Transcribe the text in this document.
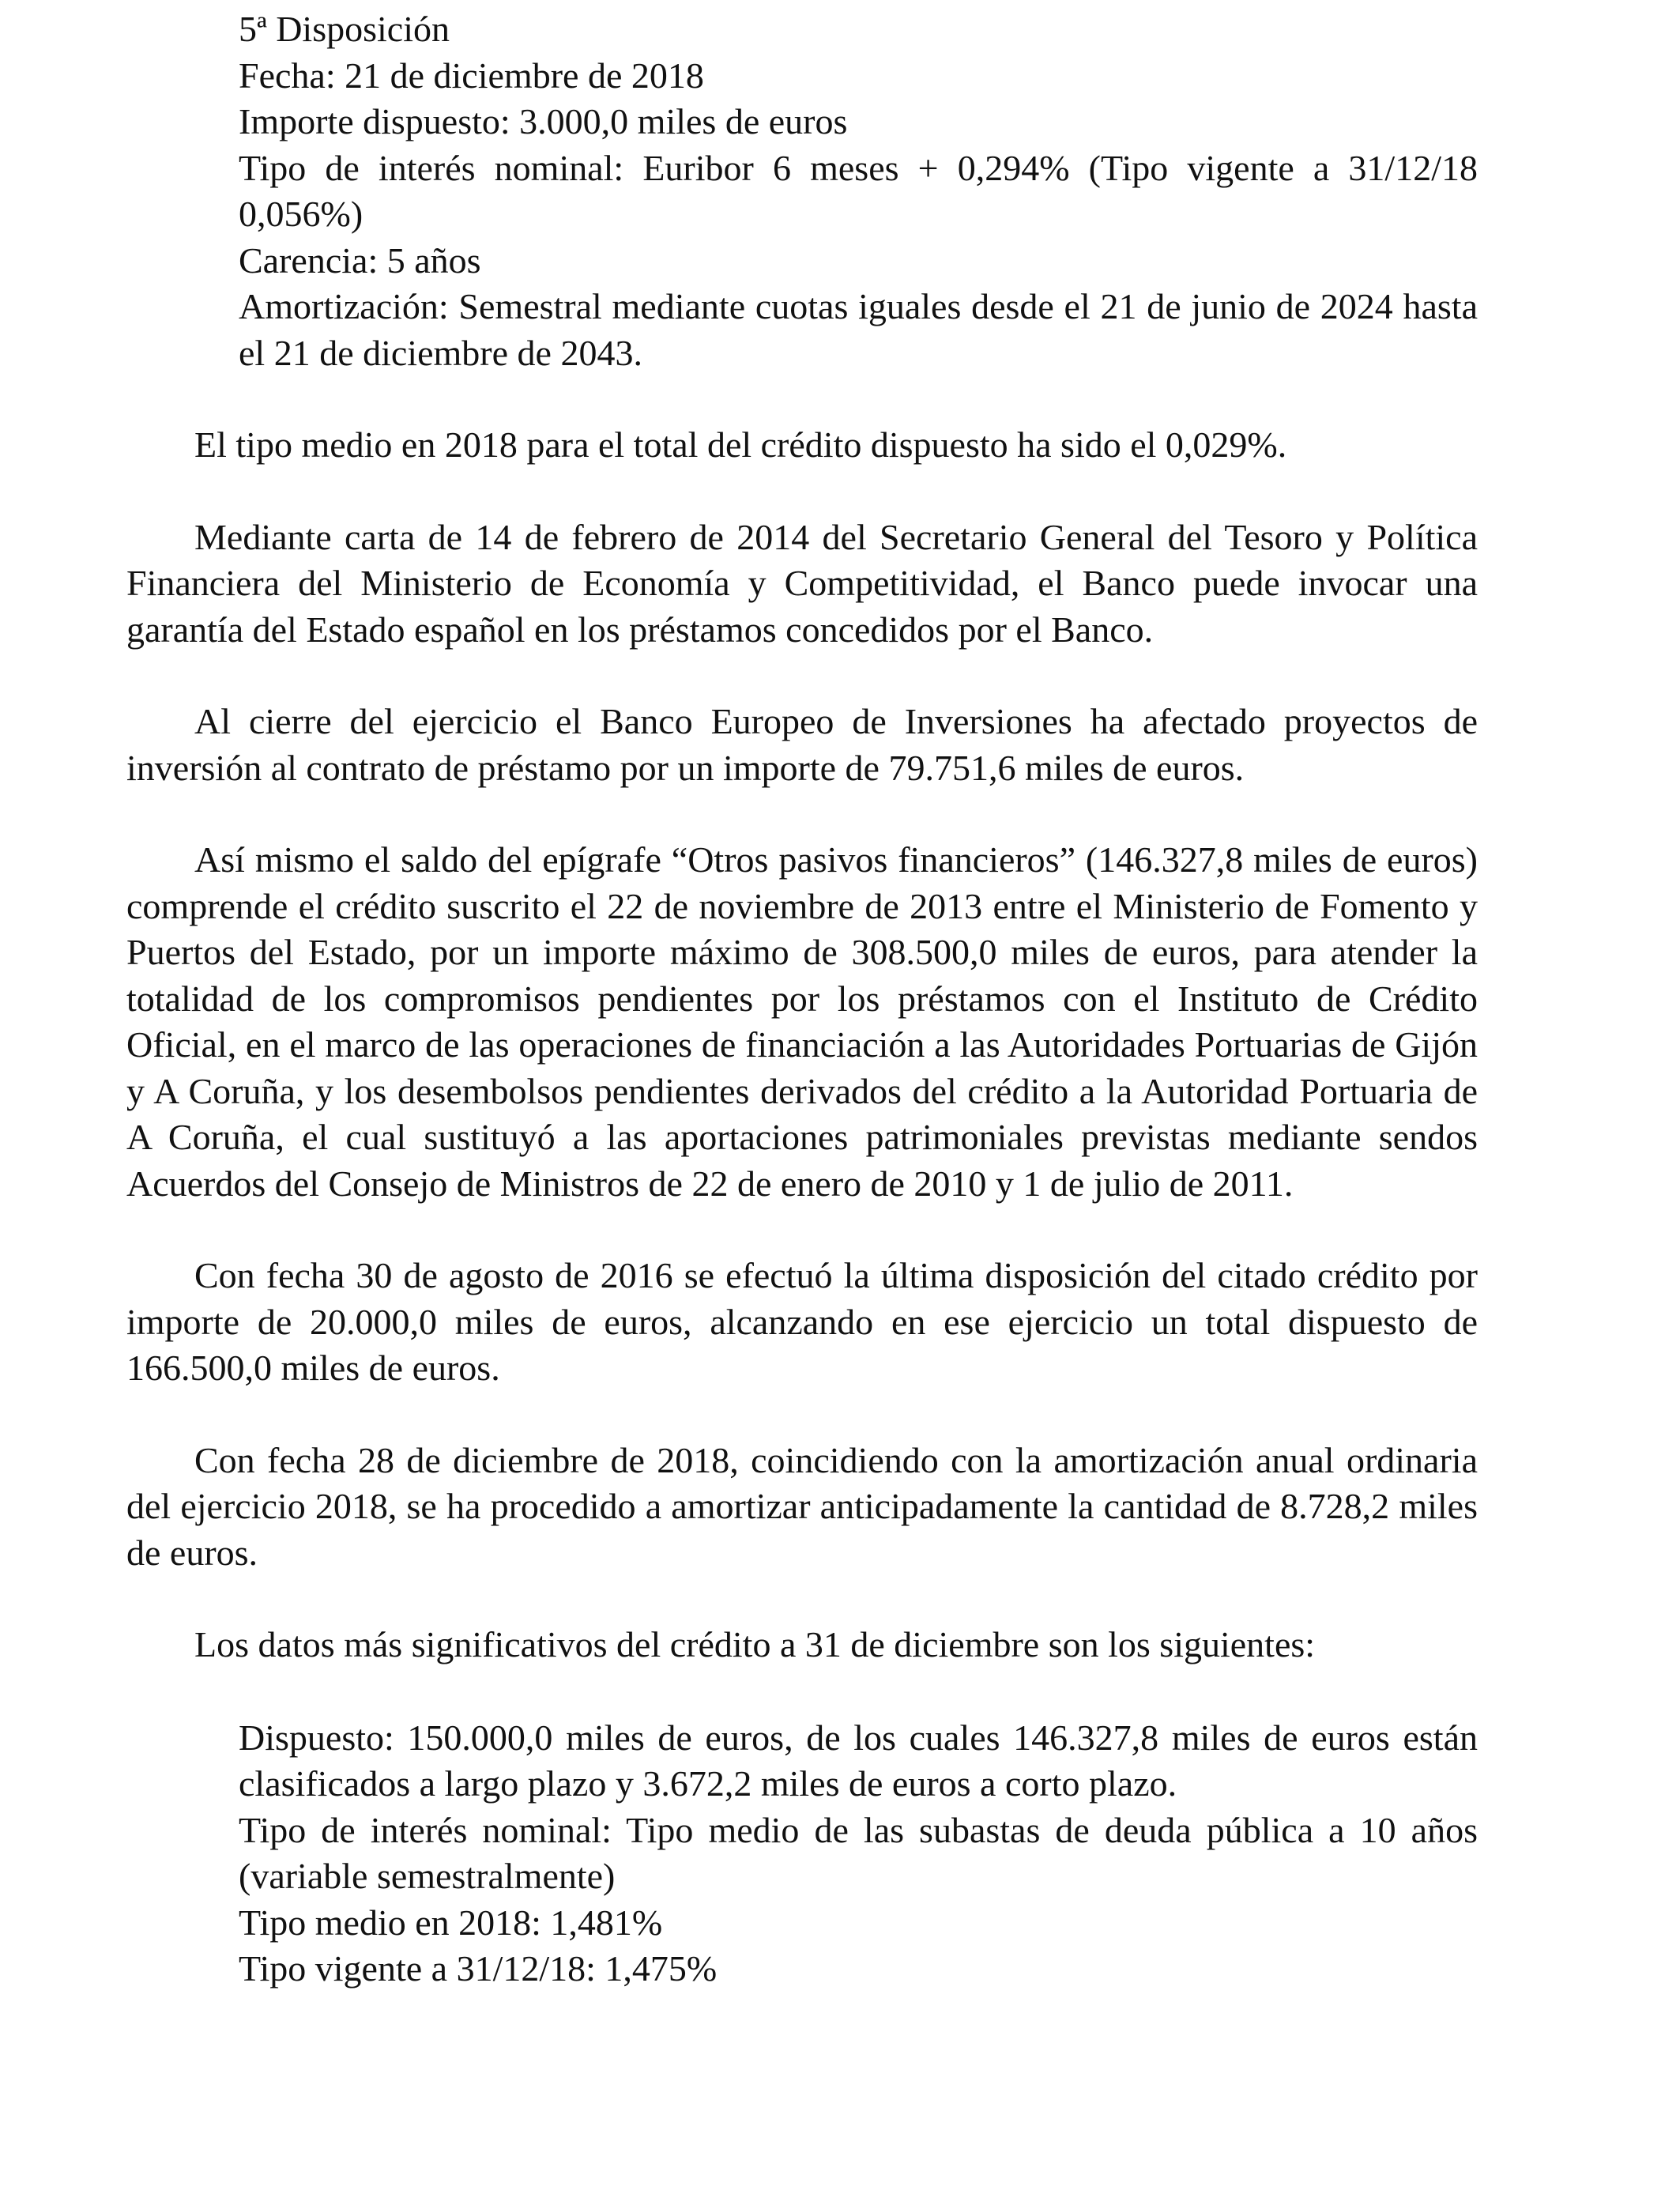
5ª Disposición
Fecha: 21 de diciembre de 2018
Importe dispuesto: 3.000,0 miles de euros
Tipo de interés nominal: Euribor 6 meses + 0,294% (Tipo vigente a 31/12/18 0,056%)
Carencia: 5 años
Amortización: Semestral mediante cuotas iguales desde el 21 de junio de 2024 hasta el 21 de diciembre de 2043.

El tipo medio en 2018 para el total del crédito dispuesto ha sido el 0,029%.

Mediante carta de 14 de febrero de 2014 del Secretario General del Tesoro y Política Financiera del Ministerio de Economía y Competitividad, el Banco puede invocar una garantía del Estado español en los préstamos concedidos por el Banco.

Al cierre del ejercicio el Banco Europeo de Inversiones ha afectado proyectos de inversión al contrato de préstamo por un importe de 79.751,6 miles de euros.

Así mismo el saldo del epígrafe “Otros pasivos financieros” (146.327,8 miles de euros) comprende el crédito suscrito el 22 de noviembre de 2013 entre el Ministerio de Fomento y Puertos del Estado, por un importe máximo de 308.500,0 miles de euros, para atender la totalidad de los compromisos pendientes por los préstamos con el Instituto de Crédito Oficial, en el marco de las operaciones de financiación a las Autoridades Portuarias de Gijón y A Coruña, y los desembolsos pendientes derivados del crédito a la Autoridad Portuaria de A Coruña, el cual sustituyó a las aportaciones patrimoniales previstas mediante sendos Acuerdos del Consejo de Ministros de 22 de enero de 2010 y 1 de julio de 2011.

Con fecha 30 de agosto de 2016 se efectuó la última disposición del citado crédito por importe de 20.000,0 miles de euros, alcanzando en ese ejercicio un total dispuesto de 166.500,0 miles de euros.

Con fecha 28 de diciembre de 2018, coincidiendo con la amortización anual ordinaria del ejercicio 2018, se ha procedido a amortizar anticipadamente la cantidad de 8.728,2 miles de euros.

Los datos más significativos del crédito a 31 de diciembre son los siguientes:

Dispuesto: 150.000,0 miles de euros, de los cuales 146.327,8 miles de euros están clasificados a largo plazo y 3.672,2 miles de euros a corto plazo.
Tipo de interés nominal: Tipo medio de las subastas de deuda pública a 10 años (variable semestralmente)
Tipo medio en 2018: 1,481%
Tipo vigente a 31/12/18: 1,475%
